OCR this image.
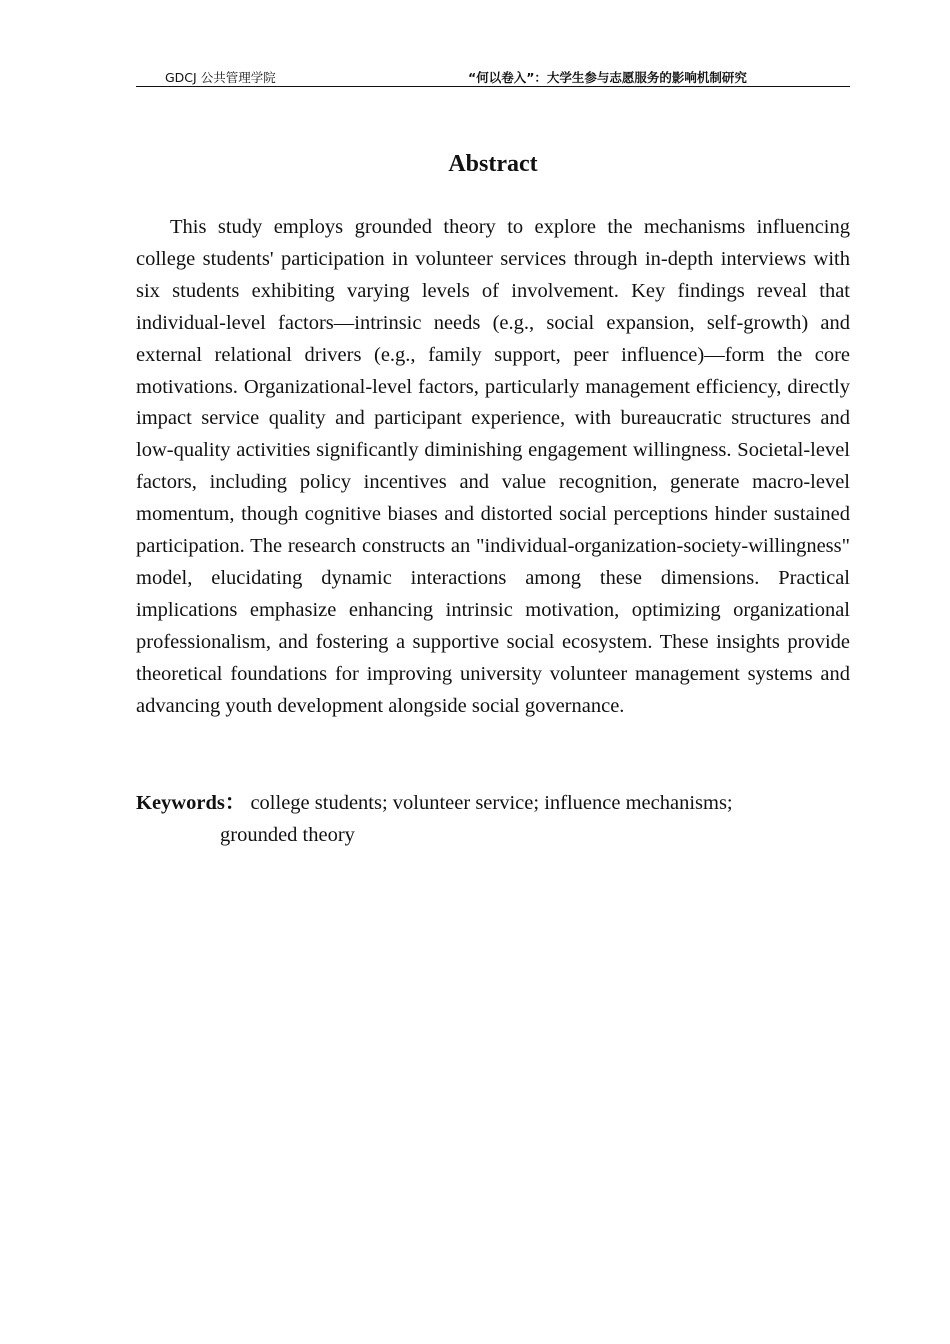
GDCJ 公共管理学院	“何以卷入”：大学生参与志愿服务的影响机制研究
Abstract

This study employs grounded theory to explore the mechanisms influencing college students' participation in volunteer services through in-depth interviews with six students exhibiting varying levels of involvement. Key findings reveal that individual-level factors—intrinsic needs (e.g., social expansion, self-growth) and external relational drivers (e.g., family support, peer influence)—form the core motivations. Organizational-level factors, particularly management efficiency, directly impact service quality and participant experience, with bureaucratic structures and low-quality activities significantly diminishing engagement willingness. Societal-level factors, including policy incentives and value recognition, generate macro-level momentum, though cognitive biases and distorted social perceptions hinder sustained participation. The research constructs an "individual-organization-society-willingness" model, elucidating dynamic interactions among these dimensions. Practical implications emphasize enhancing intrinsic motivation, optimizing organizational professionalism, and fostering a supportive social ecosystem. These insights provide theoretical foundations for improving university volunteer management systems and advancing youth development alongside social governance.

Keywords： college students; volunteer service; influence mechanisms;
grounded theory
